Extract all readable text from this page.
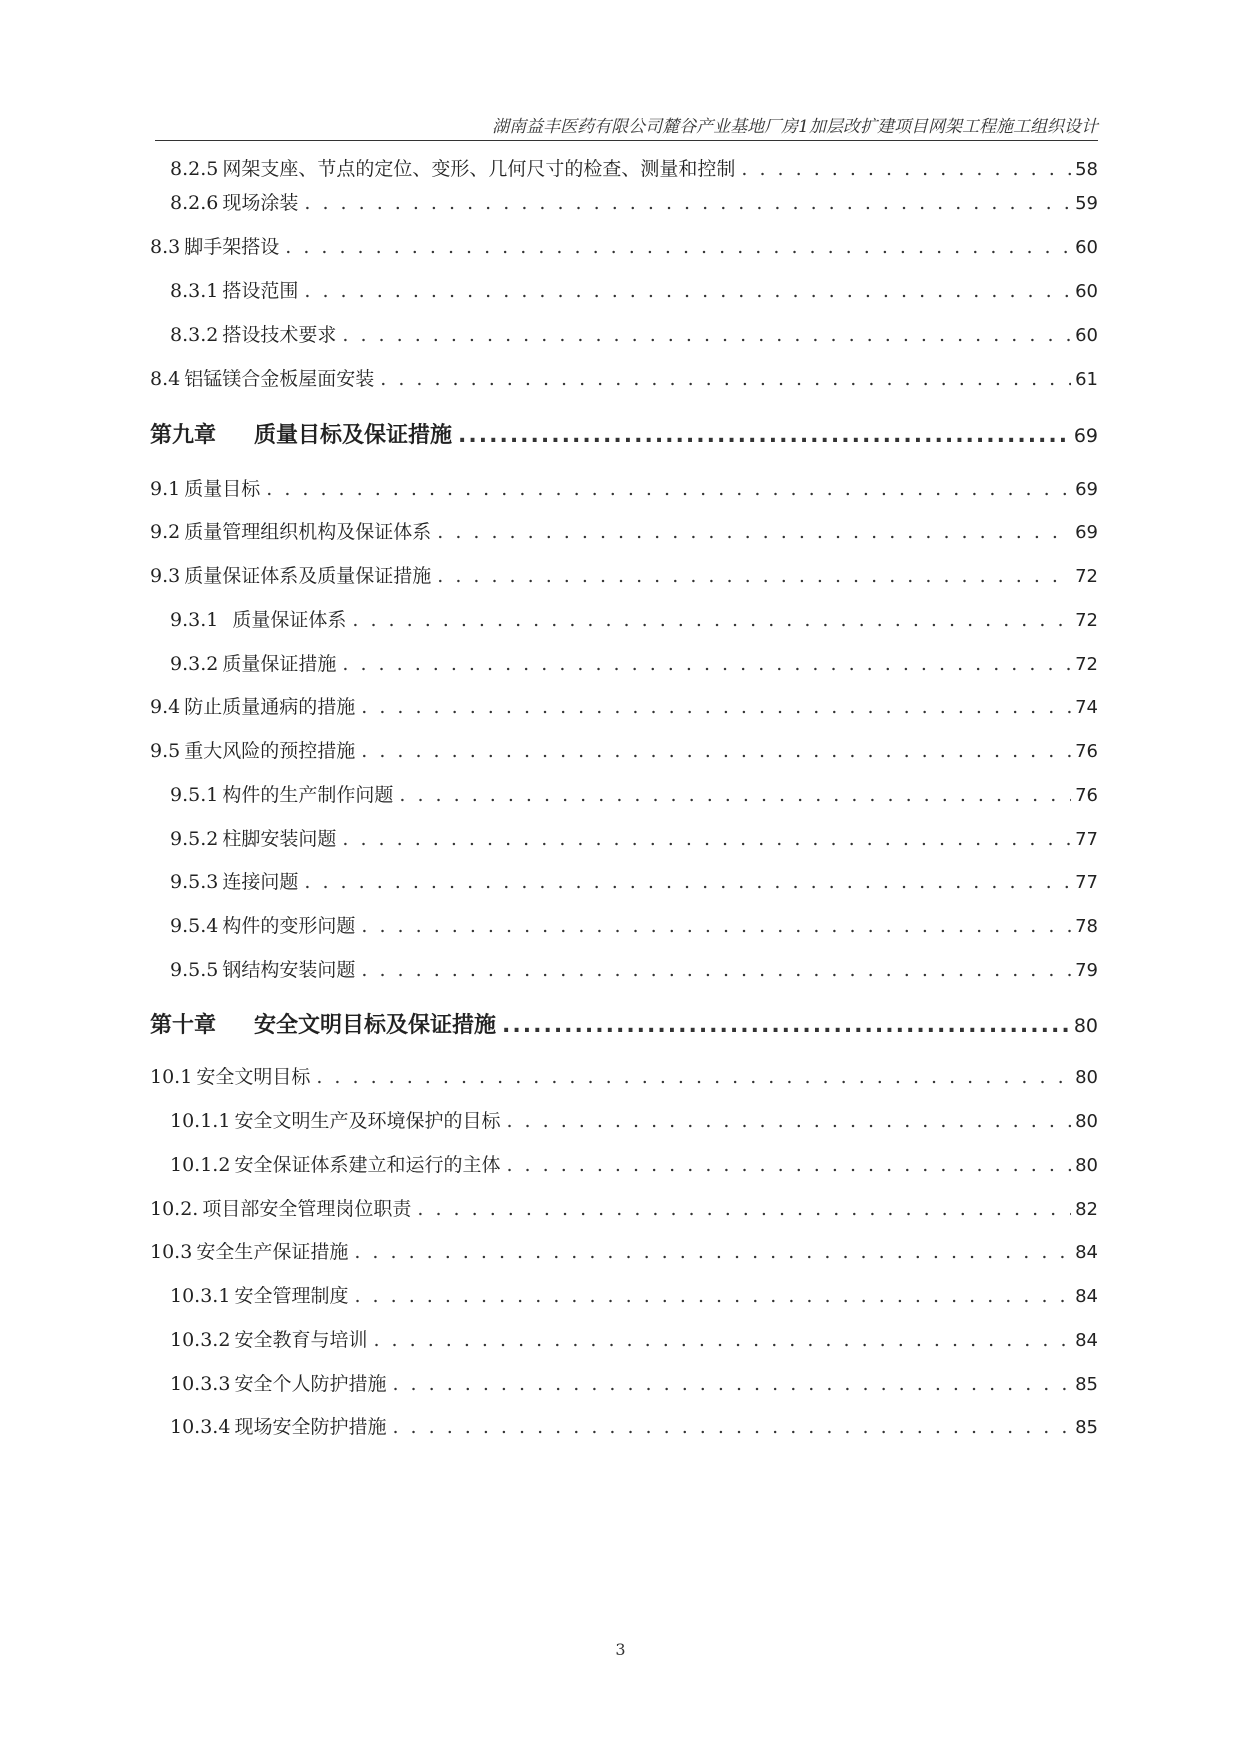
湖南益丰医药有限公司麓谷产业基地厂房1加层改扩建项目网架工程施工组织设计
8.2.5 网架支座、节点的定位、变形、几何尺寸的检查、测量和控制 . . .	58
8.2.6 现场涂装 . . .	59
8.3 脚手架搭设 . . .	60
8.3.1 搭设范围 . . .	60
8.3.2 搭设技术要求 . . .	60
8.4 铝锰镁合金板屋面安装 . . .	61
第九章 质量目标及保证措施 .....	69
9.1 质量目标 . . .	69
9.2 质量管理组织机构及保证体系 . . .	69
9.3 质量保证体系及质量保证措施 . . .	72
9.3.1 质量保证体系 . . .	72
9.3.2 质量保证措施 . . .	72
9.4 防止质量通病的措施 . . .	74
9.5 重大风险的预控措施 . . .	76
9.5.1 构件的生产制作问题 . . .	76
9.5.2 柱脚安装问题 . . .	77
9.5.3 连接问题 . . .	77
9.5.4 构件的变形问题 . . .	78
9.5.5 钢结构安装问题 . . .	79
第十章 安全文明目标及保证措施 .....	80
10.1 安全文明目标 . . .	80
10.1.1 安全文明生产及环境保护的目标 . . .	80
10.1.2 安全保证体系建立和运行的主体 . . .	80
10.2. 项目部安全管理岗位职责 . . .	82
10.3 安全生产保证措施 . . .	84
10.3.1 安全管理制度 . . .	84
10.3.2 安全教育与培训 . . .	84
10.3.3 安全个人防护措施 . . .	85
10.3.4 现场安全防护措施 . . .	85
3
